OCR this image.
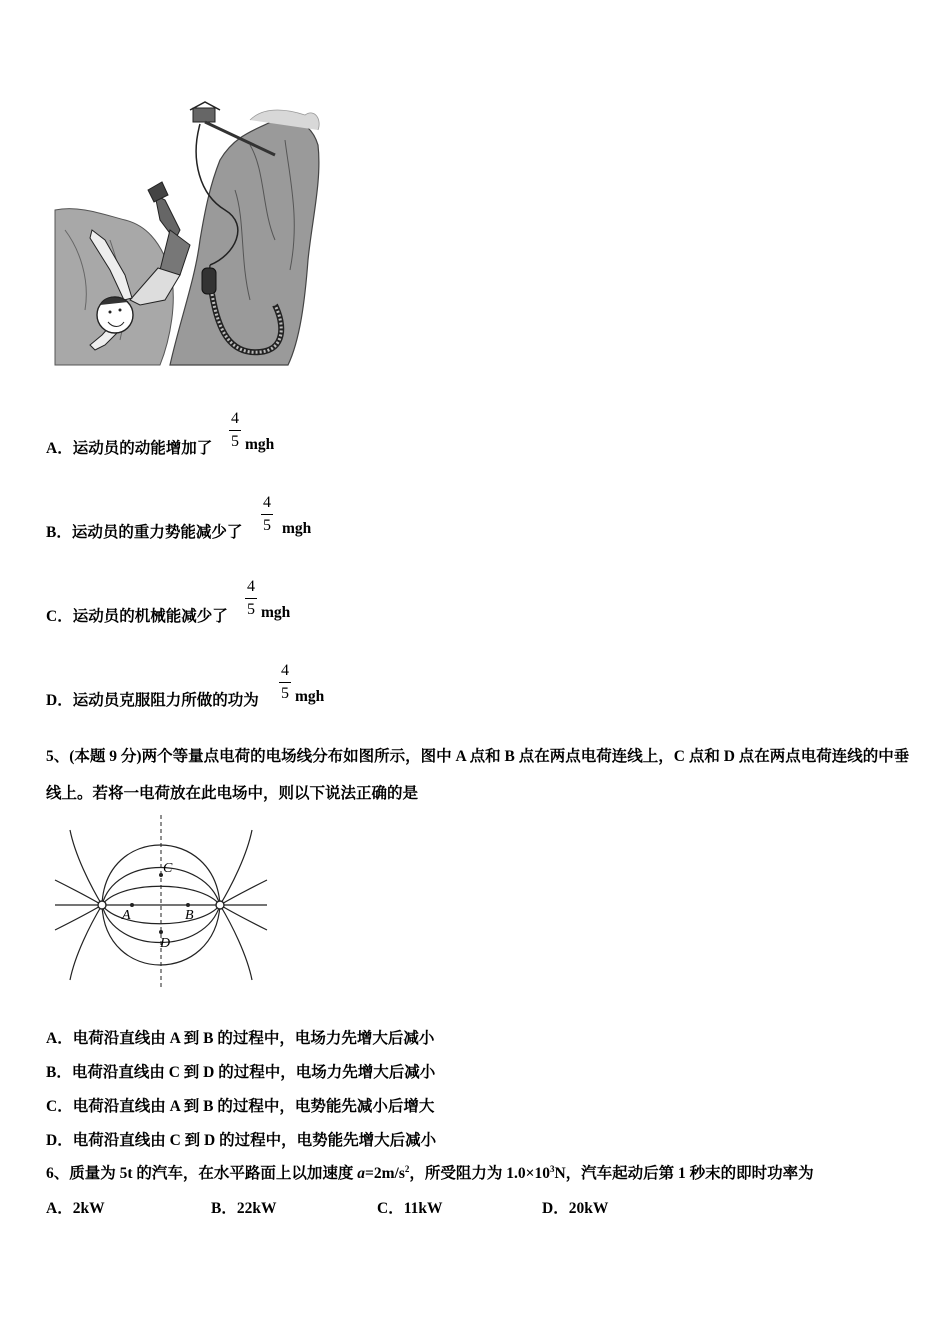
A．运动员的动能增加了
4
5 mgh
B．运动员的重力势能减少了
4
5 mgh
C．运动员的机械能减少了
4
5 mgh
D．运动员克服阻力所做的功为
4
5 mgh
5、(本题 9 分)两个等量点电荷的电场线分布如图所示，图中 A 点和 B 点在两点电荷连线上，C 点和 D 点在两点电荷连线的中垂线上。若将一电荷放在此电场中，则以下说法正确的是
A	B
C
D
A．电荷沿直线由 A 到 B 的过程中，电场力先增大后减小
B．电荷沿直线由 C 到 D 的过程中，电场力先增大后减小
C．电荷沿直线由 A 到 B 的过程中，电势能先减小后增大
D．电荷沿直线由 C 到 D 的过程中，电势能先增大后减小
6、质量为 5t 的汽车，在水平路面上以加速度 $a=2m/s^2$，所受阻力为 $1.0\times 10^3N$，汽车起动后第 1 秒末的即时功率为
A．2kW	B．22kW	C．11kW	D．20kW
